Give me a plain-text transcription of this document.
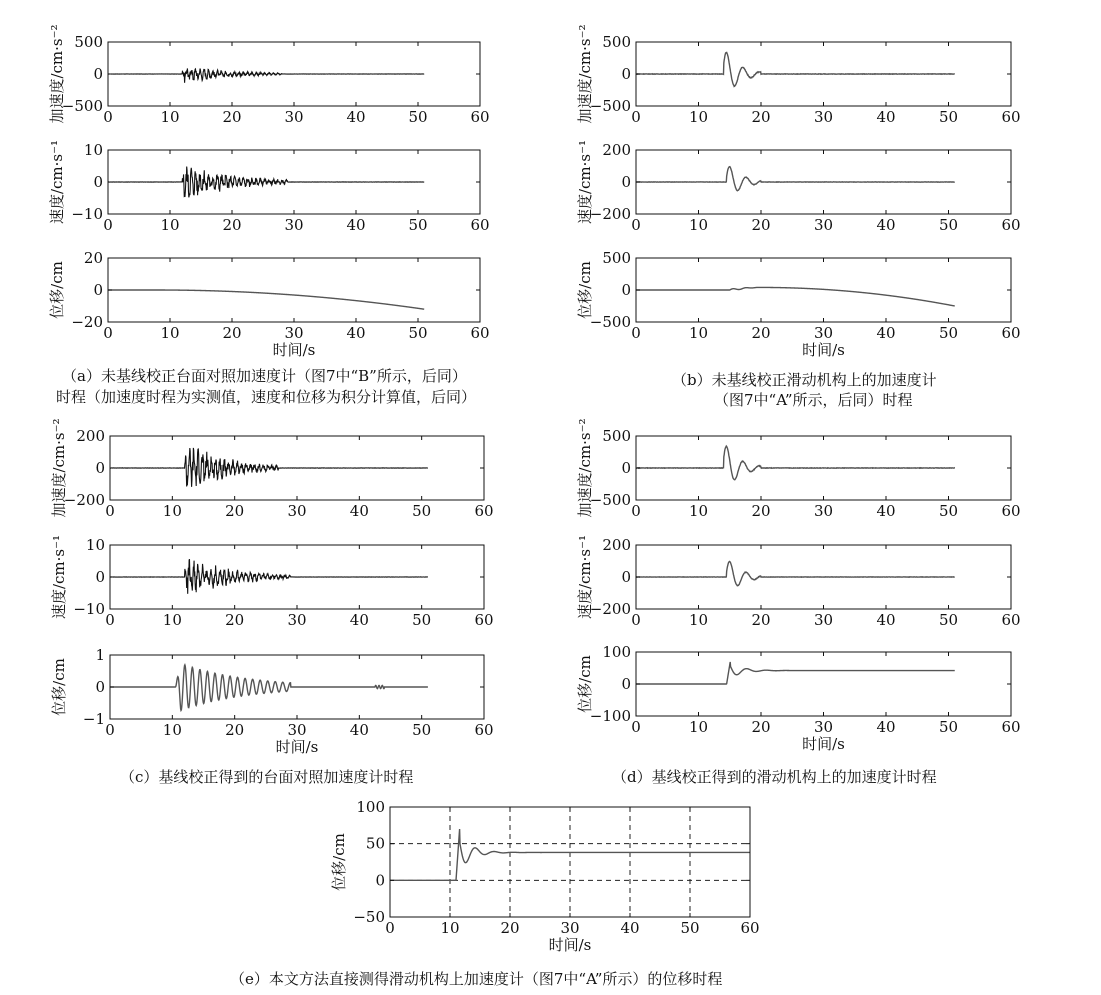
0	10	20	30	40	50	60
−500
0
500
加速度/cm·s⁻²
0	10	20	30	40	50	60
−10
0
10
速度/cm·s⁻¹
0	10	20	30	40	50	60
−20
0
20
位移/cm
时间/s
0	10	20	30	40	50	60
−500
0
500
加速度/cm·s⁻²
0	10	20	30	40	50	60
−200
0
200
速度/cm·s⁻¹
0	10	20	30	40	50	60
−500
0
500
位移/cm
时间/s
0	10	20	30	40	50	60
−200
0
200
加速度/cm·s⁻²
0	10	20	30	40	50	60
−10
0
10
速度/cm·s⁻¹
0	10	20	30	40	50	60
−1
0
1
位移/cm
时间/s
0	10	20	30	40	50	60
−500
0
500
加速度/cm·s⁻²
0	10	20	30	40	50	60
−200
0
200
速度/cm·s⁻¹
0	10	20	30	40	50	60
−100
0
100
位移/cm
时间/s
0	10	20	30	40	50	60
−50
0
50
100
位移/cm
时间/s
（a）未基线校正台面对照加速度计（图7中“B”所示，后同）
时程（加速度时程为实测值，速度和位移为积分计算值，后同）
（b）未基线校正滑动机构上的加速度计
（图7中“A”所示，后同）时程
（c）基线校正得到的台面对照加速度计时程	（d）基线校正得到的滑动机构上的加速度计时程
（e）本文方法直接测得滑动机构上加速度计（图7中“A”所示）的位移时程
